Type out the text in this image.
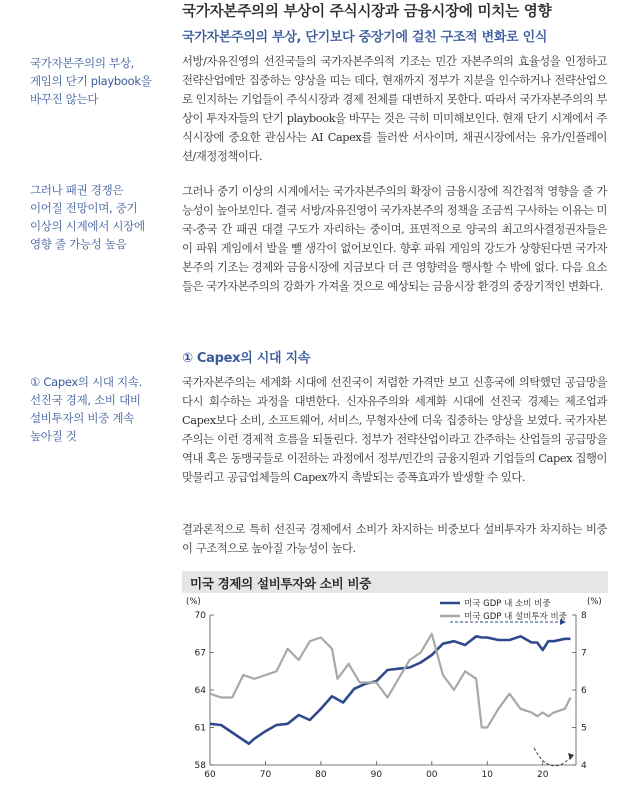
국가자본주의의 부상이 주식시장과 금융시장에 미치는 영향
국가자본주의의 부상, 단기보다 중장기에 걸친 구조적 변화로 인식
국가자본주의의 부상,
게임의 단기 playbook을
바꾸진 않는다
그러나 패권 경쟁은
이어질 전망이며, 중기
이상의 시계에서 시장에
영향 줄 가능성 높음
① Capex의 시대 지속.
선진국 경제, 소비 대비
설비투자의 비중 계속
높아질 것

서방/자유진영의 선진국들의 국가자본주의적 기조는 민간 자본주의의 효율성을 인정하고 전략산업에만 집중하는 양상을 띠는 데다, 현재까지 정부가 지분을 인수하거나 전략산업으로 인지하는 기업들이 주식시장과 경제 전체를 대변하지 못한다. 따라서 국가자본주의의 부상이 투자자들의 단기 playbook을 바꾸는 것은 극히 미미해보인다. 현재 단기 시계에서 주식시장에 중요한 관심사는 AI Capex를 둘러싼 서사이며, 채권시장에서는 유가/인플레이션/재정정책이다.

그러나 중기 이상의 시계에서는 국가자본주의의 확장이 금융시장에 직간접적 영향을 줄 가능성이 높아보인다. 결국 서방/자유진영이 국가자본주의 정책을 조금씩 구사하는 이유는 미국-중국 간 패권 대결 구도가 자리하는 중이며, 표면적으로 양국의 최고의사결정권자들은 이 파워 게임에서 발을 뺄 생각이 없어보인다. 향후 파워 게임의 강도가 상향된다면 국가자본주의 기조는 경제와 금융시장에 지금보다 더 큰 영향력을 행사할 수 밖에 없다. 다음 요소들은 국가자본주의의 강화가 가져올 것으로 예상되는 금융시장 환경의 중장기적인 변화다.

① Capex의 시대 지속

국가자본주의는 세계화 시대에 선진국이 저렴한 가격만 보고 신흥국에 의탁했던 공급망을 다시 회수하는 과정을 대변한다. 신자유주의와 세계화 시대에 선진국 경제는 제조업과 Capex보다 소비, 소프트웨어, 서비스, 무형자산에 더욱 집중하는 양상을 보였다. 국가자본주의는 이런 경제적 흐름을 되돌린다. 정부가 전략산업이라고 간주하는 산업들의 공급망을 역내 혹은 동맹국들로 이전하는 과정에서 정부/민간의 금융지원과 기업들의 Capex 집행이 맞물리고 공급업체들의 Capex까지 촉발되는 증폭효과가 발생할 수 있다.

결과론적으로 특히 선진국 경제에서 소비가 차지하는 비중보다 설비투자가 차지하는 비중이 구조적으로 높아질 가능성이 높다.

미국 경제의 설비투자와 소비 비중
70
67
64
61
58
8
7
6
5
4
60	70	80	90	00	10	20
미국 GDP 내 소비 비중
미국 GDP 내 설비투자 비중
(%)	(%)
